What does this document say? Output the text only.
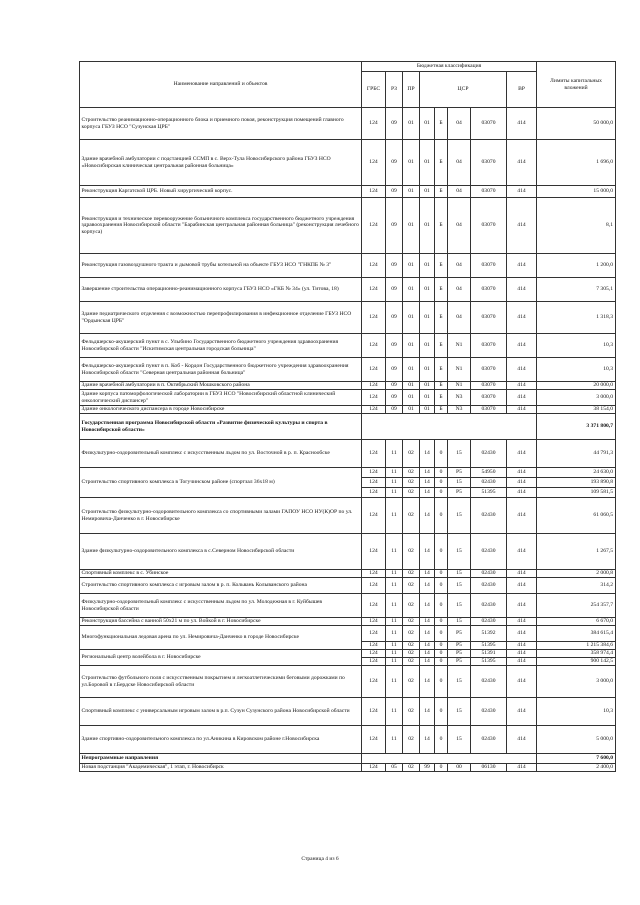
Наименование направлений и объектов	Бюджетная классификация								Лимиты капитальных вложений
	ГРБС	РЗ	ПР	ЦСР				ВР	
Строительство реанимационно-операционного блока и приемного покоя, реконструкция помещений главного корпуса ГБУЗ НСО "Сузунская ЦРБ"	124	09	01	01	Б	04	03070	414	50 000,0
Здание врачебной амбулатории с подстанцией ССМП в с. Верх-Тула Новосибирского района ГБУЗ НСО «Новосибирская клиническая центральная районная больница»	124	09	01	01	Б	04	03070	414	1 696,0
Реконструкция Каргатской ЦРБ. Новый хирургический корпус.	124	09	01	01	Б	04	03070	414	15 000,0
Реконструкция и техническое перевооружение больничного комплекса государственного бюджетного учреждения здравоохранения Новосибирской области "Барабинская центральная районная больница" (реконструкция лечебного корпуса)	124	09	01	01	Б	04	03070	414	8,1
Реконструкция газовоздушного тракта и дымовой трубы котельной на объекте ГБУЗ НСО "ГНКПБ № 3"	124	09	01	01	Б	04	03070	414	1 200,0
Завершение строительства операционно-реанимационного корпуса ГБУЗ НСО «ГКБ № 34» (ул. Титова, 18)	124	09	01	01	Б	04	03070	414	7 305,1
Здание педиатрического отделения с возможностью перепрофилирования в инфекционное отделение ГБУЗ НСО "Ордынская ЦРБ"	124	09	01	01	Б	04	03070	414	1 318,3
Фельдшерско-акушерский пункт в с. Улыбино Государственного бюджетного учреждения здравоохранения Новосибирской области "Искитимская центральная городская больница"	124	09	01	01	Б	N1	03070	414	10,3
Фельдшерско-акушерский пункт в п. Коб - Кордон Государственного бюджетного учреждения здравоохранения Новосибирской области "Северная центральная районная больница"	124	09	01	01	Б	N1	03070	414	10,3
Здание врачебной амбулатории в п. Октябрьский Мошковского района	124	09	01	01	Б	N1	03070	414	20 000,0
Здание корпуса патоморфологической лаборатории в ГБУЗ НСО "Новосибирский областной клинический онкологический диспансер"	124	09	01	01	Б	N3	03070	414	3 000,0
Здание онкологического диспансера в городе Новосибирске	124	09	01	01	Б	N3	03070	414	38 154,0
Государственная программа Новосибирской области «Развитие физической культуры и спорта в Новосибирской области»									3 371 800,7
Физкультурно-оздоровительный комплекс с искусственным льдом по ул. Восточной в р. п. Краснообске	124	11	02	14	0	15	02430	414	44 791,3
Строительство спортивного комплекса в Тогучинском районе (спортзал 36х18 м)	124	11	02	14	0	P5	54950	414	24 630,0
	124	11	02	14	0	15	02430	414	193 890,8
	124	11	02	14	0	P5	51395	414	109 581,5
Строительство физкультурно-оздоровительного комплекса со спортивными залами ГАПОУ НСО НУ(К)ОР по ул. Немировича-Данченко в г. Новосибирске	124	11	02	14	0	15	02430	414	61 060,5
Здание физкультурно-оздоровительного комплекса в с.Северном Новосибирской области	124	11	02	14	0	15	02430	414	1 267,5
Спортивный комплекс в с. Убинское	124	11	02	14	0	15	02430	414	2 000,8
Строительство спортивного комплекса с игровым залом в р. п. Кольвань Колыванского района	124	11	02	14	0	15	02430	414	314,2
Физкультурно-оздоровительный комплекс с искусственным льдом по ул. Молодежная в г. Куйбышев Новосибирской области	124	11	02	14	0	15	02430	414	254 357,7
Реконструкция бассейна с ванной 50х21 м по ул. Войкой в г. Новосибирске	124	11	02	14	0	15	02430	414	6 670,0
Многофункциональная ледовая арена по ул. Немировича-Данченко в городе Новосибирске	124	11	02	14	0	P5	51392	414	384 615,4
	124	11	02	14	0	P5	51395	414	1 215 384,6
Региональный центр волейбола в г. Новосибирске	124	11	02	14	0	P5	51391	414	358 974,4
	124	11	02	14	0	P5	51395	414	900 142,5
Строительство футбольного поля с искусственным покрытием и легкоатлетическими беговыми дорожками по ул.Боровой в г.Бердске Новосибирской области	124	11	02	14	0	15	02430	414	3 000,0
Спортивный комплекс с универсальным игровым залом в р.п. Сузун Сузунского района Новосибирской области	124	11	02	14	0	15	02430	414	10,3
Здание спортивно-оздоровительного комплекса по ул.Аникина в Кировском районе г.Новосибирска	124	11	02	14	0	15	02430	414	5 000,0
Непрограммные направления									7 600,0
Новая подстанция "Академическая", 1 этап, г. Новосибирск	124	05	02	99	0	00	06130	414	2 400,0
Страница 4 из 6
